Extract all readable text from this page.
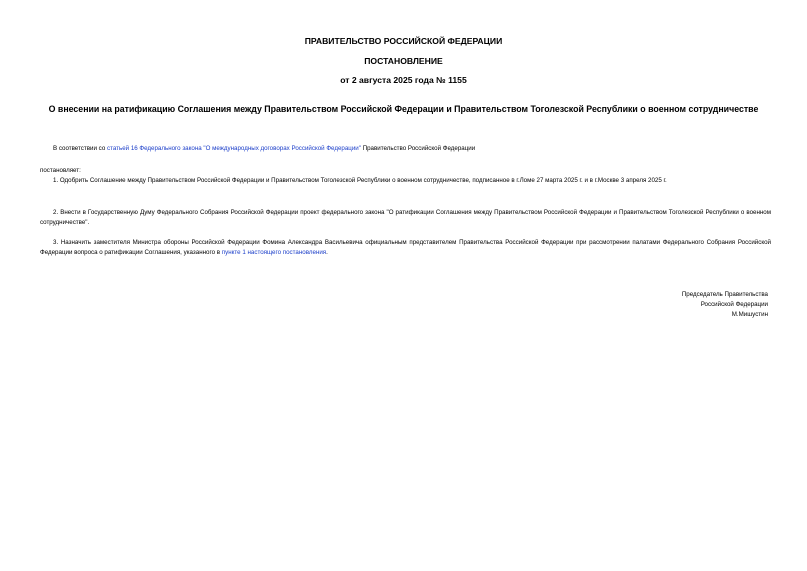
ПРАВИТЕЛЬСТВО РОССИЙСКОЙ ФЕДЕРАЦИИ
ПОСТАНОВЛЕНИЕ
от 2 августа 2025 года № 1155
О внесении на ратификацию Соглашения между Правительством Российской Федерации и Правительством Тоголезской Республики о военном сотрудничестве
В соответствии со статьей 16 Федерального закона "О международных договорах Российской Федерации" Правительство Российской Федерации
постановляет:
1. Одобрить Соглашение между Правительством Российской Федерации и Правительством Тоголезской Республики о военном сотрудничестве, подписанное в г.Ломе 27 марта 2025 г. и в г.Москве 3 апреля 2025 г.
2. Внести в Государственную Думу Федерального Собрания Российской Федерации проект федерального закона "О ратификации Соглашения между Правительством Российской Федерации и Правительством Тоголезской Республики о военном сотрудничестве".
3. Назначить заместителя Министра обороны Российской Федерации Фомина Александра Васильевича официальным представителем Правительства Российской Федерации при рассмотрении палатами Федерального Собрания Российской Федерации вопроса о ратификации Соглашения, указанного в пункте 1 настоящего постановления.
Председатель Правительства
Российской Федерации
М.Мишустин
